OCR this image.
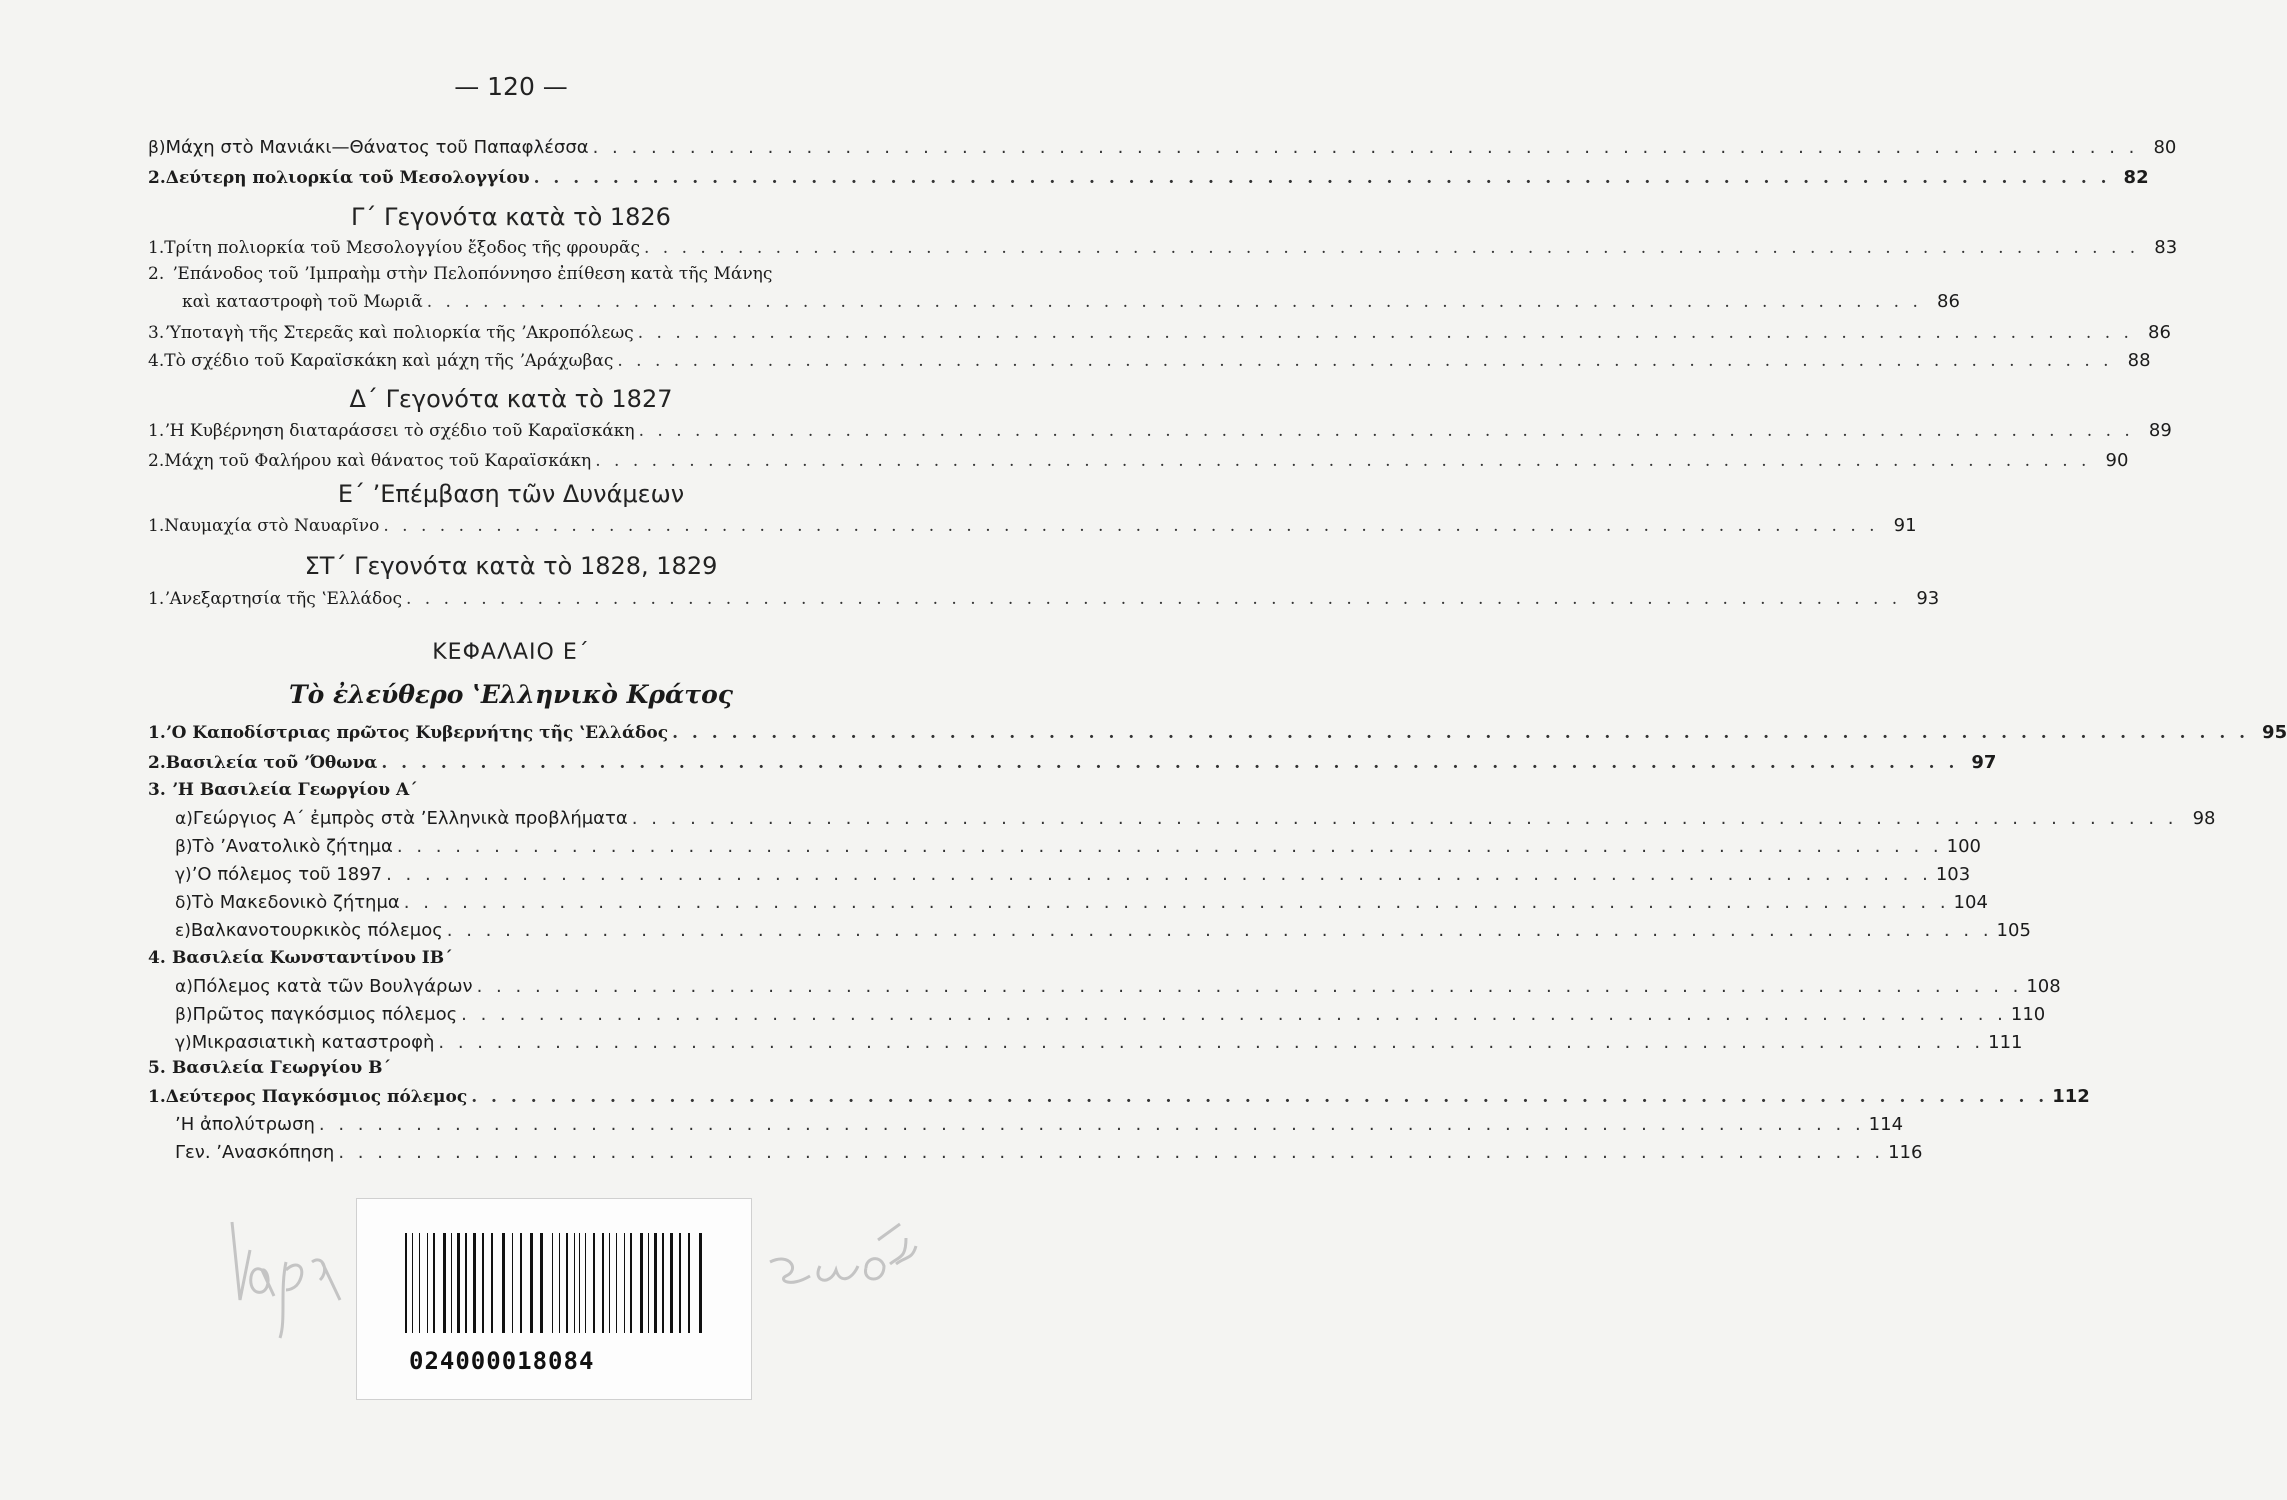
— 120 —
β) Μάχη στὸ Μανιάκι—Θάνατος τοῦ Παπαφλέσσα . . . . . . . . . . . . . . . . . . . . . . . . . . . . . . . . . . . . . . . . . . . . . . . . . . . . . . . . . . . . . . . . . . . . . . . . . . . . . . . . 80
2. Δεύτερη πολιορκία τοῦ Μεσολογγίου . . . . . . . . . . . . . . . . . . . . . . . . . . . . . . . . . . . . . . . . . . . . . . . . . . . . . . . . . . . . . . . . . . . . . . . . . . . . . . . . 82
Γ΄ Γεγονότα κατὰ τὸ 1826
1. Τρίτη πολιορκία τοῦ Μεσολογγίου ἔξοδος τῆς φρουρᾶς . . . . . . . . . . . . . . . . . . . . . . . . . . . . . . . . . . . . . . . . . . . . . . . . . . . . . . . . . . . . . . . . . . . . . . . . . . . . . . . . 83
2. ʼΕπάνοδος τοῦ ʼΙμπραὴμ στὴν Πελοπόννησο ἐπίθεση κατὰ τῆς Μάνης
καὶ καταστροφὴ τοῦ Μωριᾶ . . . . . . . . . . . . . . . . . . . . . . . . . . . . . . . . . . . . . . . . . . . . . . . . . . . . . . . . . . . . . . . . . . . . . . . . . . . . . . . . 86
3. ʼΥποταγὴ τῆς Στερεᾶς καὶ πολιορκία τῆς ʼΑκροπόλεως . . . . . . . . . . . . . . . . . . . . . . . . . . . . . . . . . . . . . . . . . . . . . . . . . . . . . . . . . . . . . . . . . . . . . . . . . . . . . . . . 86
4. Τὸ σχέδιο τοῦ Καραϊσκάκη καὶ μάχη τῆς ʼΑράχωβας . . . . . . . . . . . . . . . . . . . . . . . . . . . . . . . . . . . . . . . . . . . . . . . . . . . . . . . . . . . . . . . . . . . . . . . . . . . . . . . . 88
Δ΄ Γεγονότα κατὰ τὸ 1827
1. ʼΗ Κυβέρνηση διαταράσσει τὸ σχέδιο τοῦ Καραϊσκάκη . . . . . . . . . . . . . . . . . . . . . . . . . . . . . . . . . . . . . . . . . . . . . . . . . . . . . . . . . . . . . . . . . . . . . . . . . . . . . . . . 89
2. Μάχη τοῦ Φαλήρου καὶ θάνατος τοῦ Καραϊσκάκη . . . . . . . . . . . . . . . . . . . . . . . . . . . . . . . . . . . . . . . . . . . . . . . . . . . . . . . . . . . . . . . . . . . . . . . . . . . . . . . . 90
Ε΄ ʼΕπέμβαση τῶν Δυνάμεων
1. Ναυμαχία στὸ Ναυαρῖνο . . . . . . . . . . . . . . . . . . . . . . . . . . . . . . . . . . . . . . . . . . . . . . . . . . . . . . . . . . . . . . . . . . . . . . . . . . . . . . . . 91
ΣΤ΄ Γεγονότα κατὰ τὸ 1828, 1829
1. ʼΑνεξαρτησία τῆς ʽΕλλάδος . . . . . . . . . . . . . . . . . . . . . . . . . . . . . . . . . . . . . . . . . . . . . . . . . . . . . . . . . . . . . . . . . . . . . . . . . . . . . . . . 93
ΚΕΦΑΛΑΙΟ Ε΄
Τὸ ἐλεύθερο ʽΕλληνικὸ Κράτος
1. ʼΟ Καποδίστριας πρῶτος Κυβερνήτης τῆς ʽΕλλάδος . . . . . . . . . . . . . . . . . . . . . . . . . . . . . . . . . . . . . . . . . . . . . . . . . . . . . . . . . . . . . . . . . . . . . . . . . . . . . . . . 95
2. Βασιλεία τοῦ ʼΌθωνα . . . . . . . . . . . . . . . . . . . . . . . . . . . . . . . . . . . . . . . . . . . . . . . . . . . . . . . . . . . . . . . . . . . . . . . . . . . . . . . . 97
3. ʼΗ Βασιλεία Γεωργίου Α΄
α) Γεώργιος Α΄ ἐμπρὸς στὰ ʼΕλληνικὰ προβλήματα . . . . . . . . . . . . . . . . . . . . . . . . . . . . . . . . . . . . . . . . . . . . . . . . . . . . . . . . . . . . . . . . . . . . . . . . . . . . . . . . 98
β) Τὸ ʼΑνατολικὸ ζήτημα . . . . . . . . . . . . . . . . . . . . . . . . . . . . . . . . . . . . . . . . . . . . . . . . . . . . . . . . . . . . . . . . . . . . . . . . . . . . . . . . 100
γ) ʼΟ πόλεμος τοῦ 1897 . . . . . . . . . . . . . . . . . . . . . . . . . . . . . . . . . . . . . . . . . . . . . . . . . . . . . . . . . . . . . . . . . . . . . . . . . . . . . . . . 103
δ) Τὸ Μακεδονικὸ ζήτημα . . . . . . . . . . . . . . . . . . . . . . . . . . . . . . . . . . . . . . . . . . . . . . . . . . . . . . . . . . . . . . . . . . . . . . . . . . . . . . . . 104
ε) Βαλκανοτουρκικὸς πόλεμος . . . . . . . . . . . . . . . . . . . . . . . . . . . . . . . . . . . . . . . . . . . . . . . . . . . . . . . . . . . . . . . . . . . . . . . . . . . . . . . . 105
4. Βασιλεία Κωνσταντίνου ΙΒ΄
α) Πόλεμος κατὰ τῶν Βουλγάρων . . . . . . . . . . . . . . . . . . . . . . . . . . . . . . . . . . . . . . . . . . . . . . . . . . . . . . . . . . . . . . . . . . . . . . . . . . . . . . . . 108
β) Πρῶτος παγκόσμιος πόλεμος . . . . . . . . . . . . . . . . . . . . . . . . . . . . . . . . . . . . . . . . . . . . . . . . . . . . . . . . . . . . . . . . . . . . . . . . . . . . . . . . 110
γ) Μικρασιατικὴ καταστροφὴ . . . . . . . . . . . . . . . . . . . . . . . . . . . . . . . . . . . . . . . . . . . . . . . . . . . . . . . . . . . . . . . . . . . . . . . . . . . . . . . . 111
5. Βασιλεία Γεωργίου Β΄
1. Δεύτερος Παγκόσμιος πόλεμος . . . . . . . . . . . . . . . . . . . . . . . . . . . . . . . . . . . . . . . . . . . . . . . . . . . . . . . . . . . . . . . . . . . . . . . . . . . . . . . . 112
ʼΗ ἀπολύτρωση . . . . . . . . . . . . . . . . . . . . . . . . . . . . . . . . . . . . . . . . . . . . . . . . . . . . . . . . . . . . . . . . . . . . . . . . . . . . . . . . 114
Γεν. ʼΑνασκόπηση . . . . . . . . . . . . . . . . . . . . . . . . . . . . . . . . . . . . . . . . . . . . . . . . . . . . . . . . . . . . . . . . . . . . . . . . . . . . . . . . 116
024000018084
